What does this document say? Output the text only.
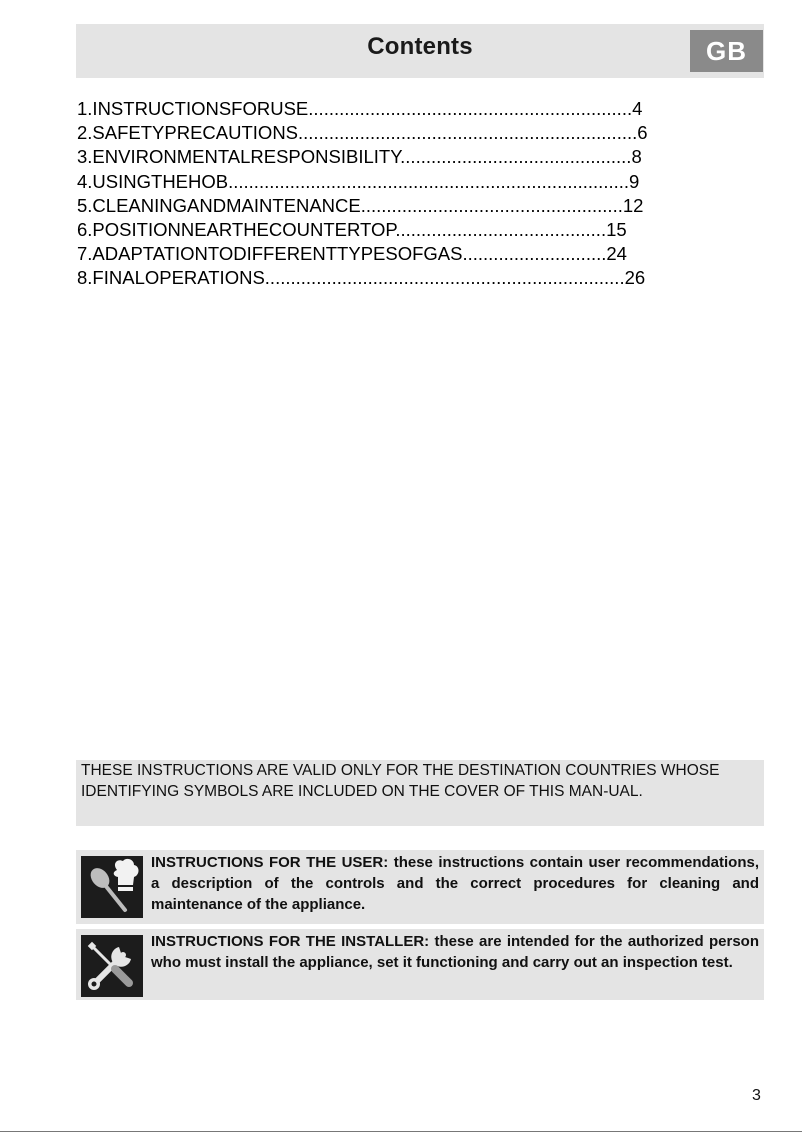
Contents	GB
1.INSTRUCTIONSFORUSE...............................................................4
2.SAFETYPRECAUTIONS..................................................................6
3.ENVIRONMENTALRESPONSIBILITY.............................................8
4.USINGTHEHOB..............................................................................9
5.CLEANINGANDMAINTENANCE...................................................12
6.POSITIONNEARTHECOUNTERTOP.........................................15
7.ADAPTATIONTODIFFERENTTYPESOFGAS............................24
8.FINALOPERATIONS......................................................................26
THESE INSTRUCTIONS ARE VALID ONLY FOR THE DESTINATION COUNTRIES WHOSE IDENTIFYING SYMBOLS ARE INCLUDED ON THE COVER OF THIS MAN-UAL.
INSTRUCTIONS FOR THE USER: these instructions contain user recommendations, a description of the controls and the correct procedures for cleaning and maintenance of the appliance.
INSTRUCTIONS FOR THE INSTALLER: these are intended for the authorized person who must install the appliance, set it functioning and carry out an inspection test.
3
